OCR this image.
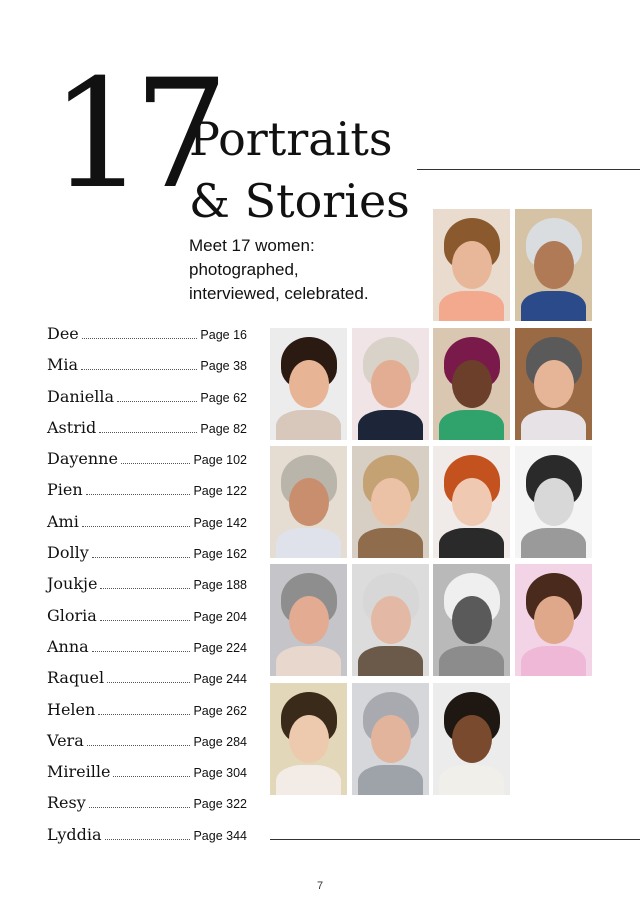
17
Portraits
& Stories
Meet 17 women:
photographed,
interviewed, celebrated.
Dee	Page 16
Mia	Page 38
Daniella	Page 62
Astrid	Page 82
Dayenne	Page 102
Pien	Page 122
Ami	Page 142
Dolly	Page 162
Joukje	Page 188
Gloria	Page 204
Anna	Page 224
Raquel	Page 244
Helen	Page 262
Vera	Page 284
Mireille	Page 304
Resy	Page 322
Lyddia	Page 344
7
